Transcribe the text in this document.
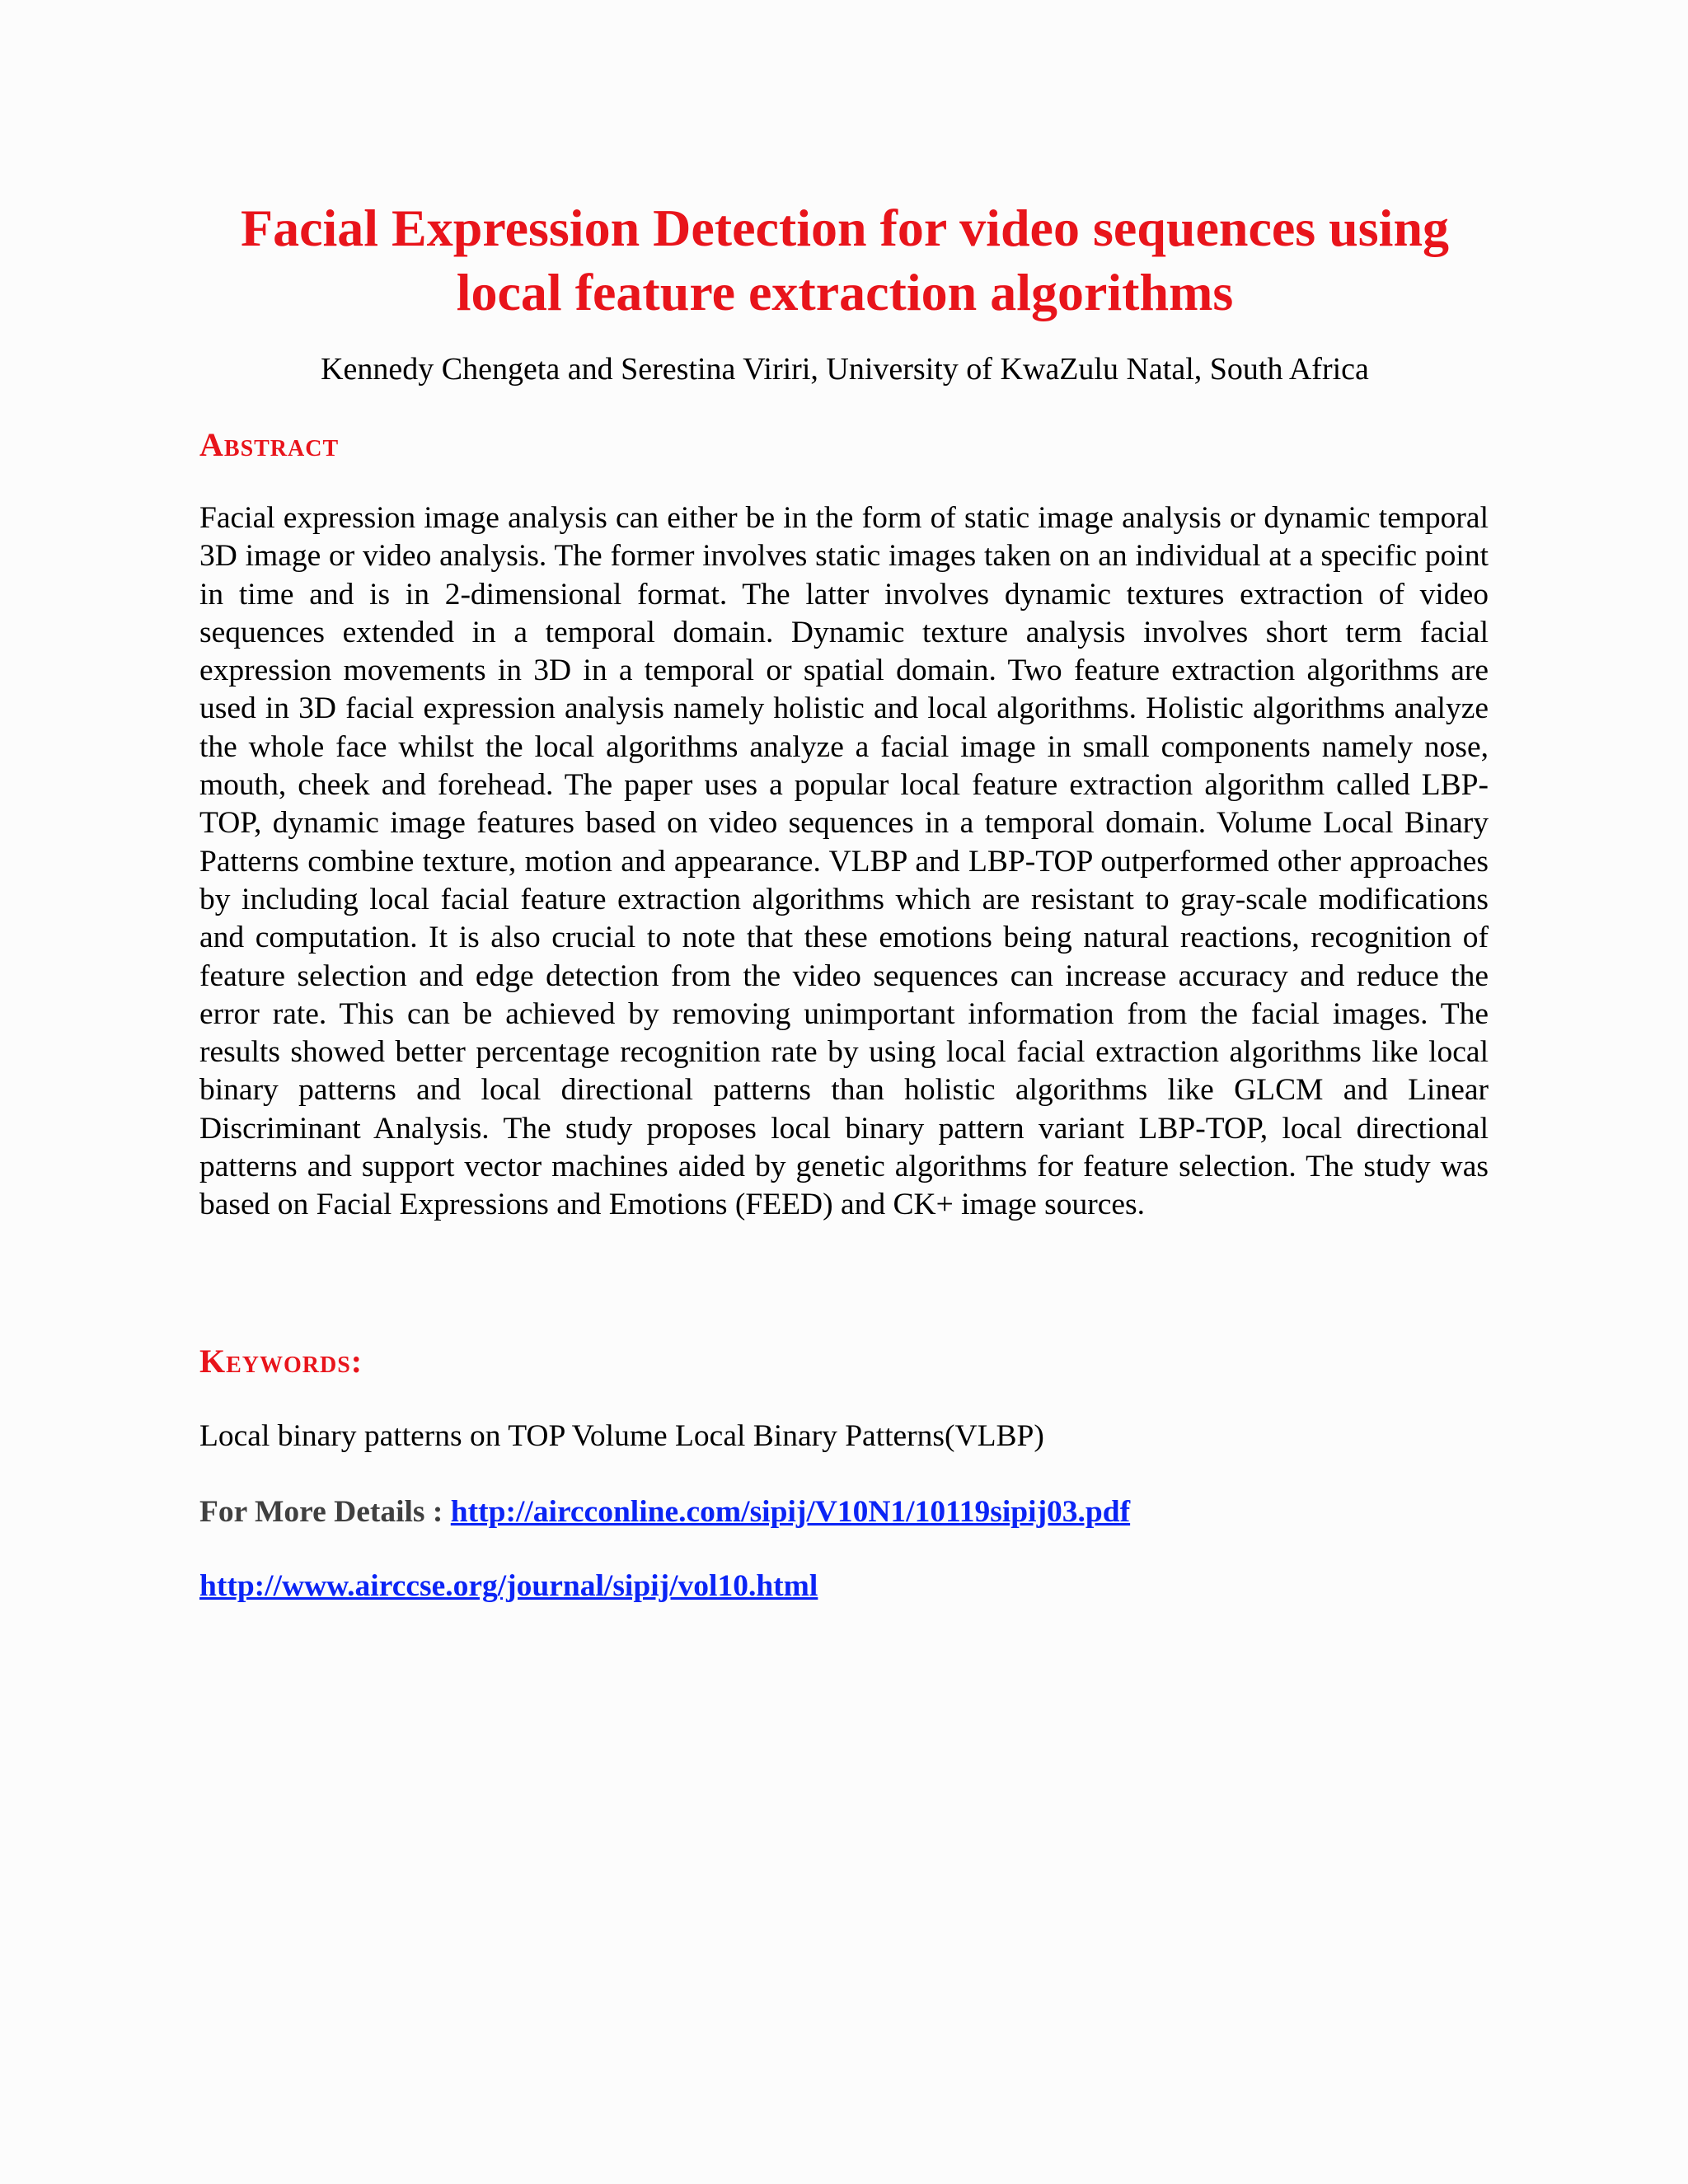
Facial Expression Detection for video sequences using
local feature extraction algorithms
Kennedy Chengeta and Serestina Viriri, University of KwaZulu Natal, South Africa
Abstract

Facial expression image analysis can either be in the form of static image analysis or dynamic temporal 3D image or video analysis. The former involves static images taken on an individual at a specific point in time and is in 2-dimensional format. The latter involves dynamic textures extraction of video sequences extended in a temporal domain. Dynamic texture analysis involves short term facial expression movements in 3D in a temporal or spatial domain. Two feature extraction algorithms are used in 3D facial expression analysis namely holistic and local algorithms. Holistic algorithms analyze the whole face whilst the local algorithms analyze a facial image in small components namely nose, mouth, cheek and forehead. The paper uses a popular local feature extraction algorithm called LBP-TOP, dynamic image features based on video sequences in a temporal domain. Volume Local Binary Patterns combine texture, motion and appearance. VLBP and LBP-TOP outperformed other approaches by including local facial feature extraction algorithms which are resistant to gray-scale modifications and computation. It is also crucial to note that these emotions being natural reactions, recognition of feature selection and edge detection from the video sequences can increase accuracy and reduce the error rate. This can be achieved by removing unimportant information from the facial images. The results showed better percentage recognition rate by using local facial extraction algorithms like local binary patterns and local directional patterns than holistic algorithms like GLCM and Linear Discriminant Analysis. The study proposes local binary pattern variant LBP-TOP, local directional patterns and support vector machines aided by genetic algorithms for feature selection. The study was based on Facial Expressions and Emotions (FEED) and CK+ image sources.

Keywords:

Local binary patterns on TOP Volume Local Binary Patterns(VLBP)

For More Details : http://aircconline.com/sipij/V10N1/10119sipij03.pdf
http://www.airccse.org/journal/sipij/vol10.html
